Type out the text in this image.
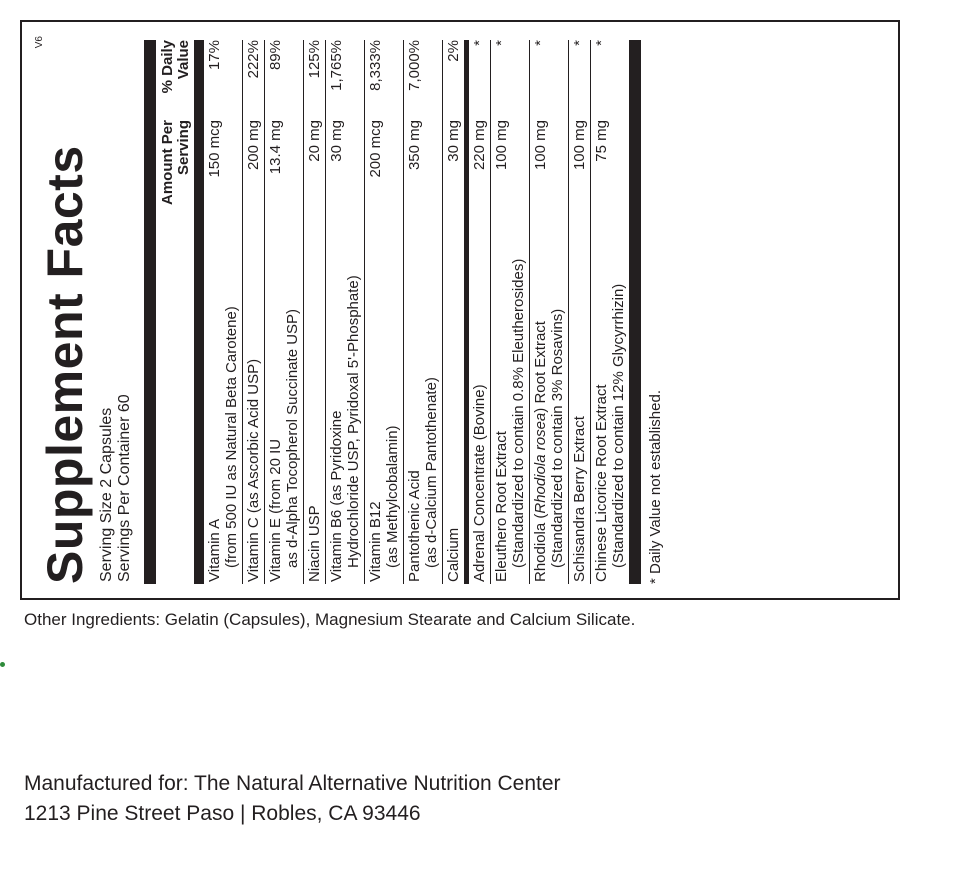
Supplement Facts
V6
Serving Size 2 Capsules Servings Per Container 60
Amount Per Serving
% Daily Value
Vitamin A (from 500 IU as Natural Beta Carotene)
150 mcg
17%
Vitamin C (as Ascorbic Acid USP)
200 mg
222%
Vitamin E (from 20 IU as d-Alpha Tocopherol Succinate USP)
13.4 mg
89%
Niacin USP
20 mg
125%
Vitamin B6 (as Pyridoxine Hydrochloride USP, Pyridoxal 5'-Phosphate)
30 mg
1,765%
Vitamin B12 (as Methylcobalamin)
200 mcg
8,333%
Pantothenic Acid (as d-Calcium Pantothenate)
350 mg
7,000%
Calcium
30 mg
2%
Adrenal Concentrate (Bovine)
220 mg
*
Eleuthero Root Extract (Standardized to contain 0.8% Eleutherosides)
100 mg
*
Rhodiola (Rhodiola rosea) Root Extract (Standardized to contain 3% Rosavins)
100 mg
*
Schisandra Berry Extract
100 mg
*
Chinese Licorice Root Extract (Standardized to contain 12% Glycyrrhizin)
75 mg
*
* Daily Value not established.
Other Ingredients: Gelatin (Capsules), Magnesium Stearate and Calcium Silicate.
Manufactured for: The Natural Alternative Nutrition Center
1213 Pine Street Paso | Robles, CA 93446
